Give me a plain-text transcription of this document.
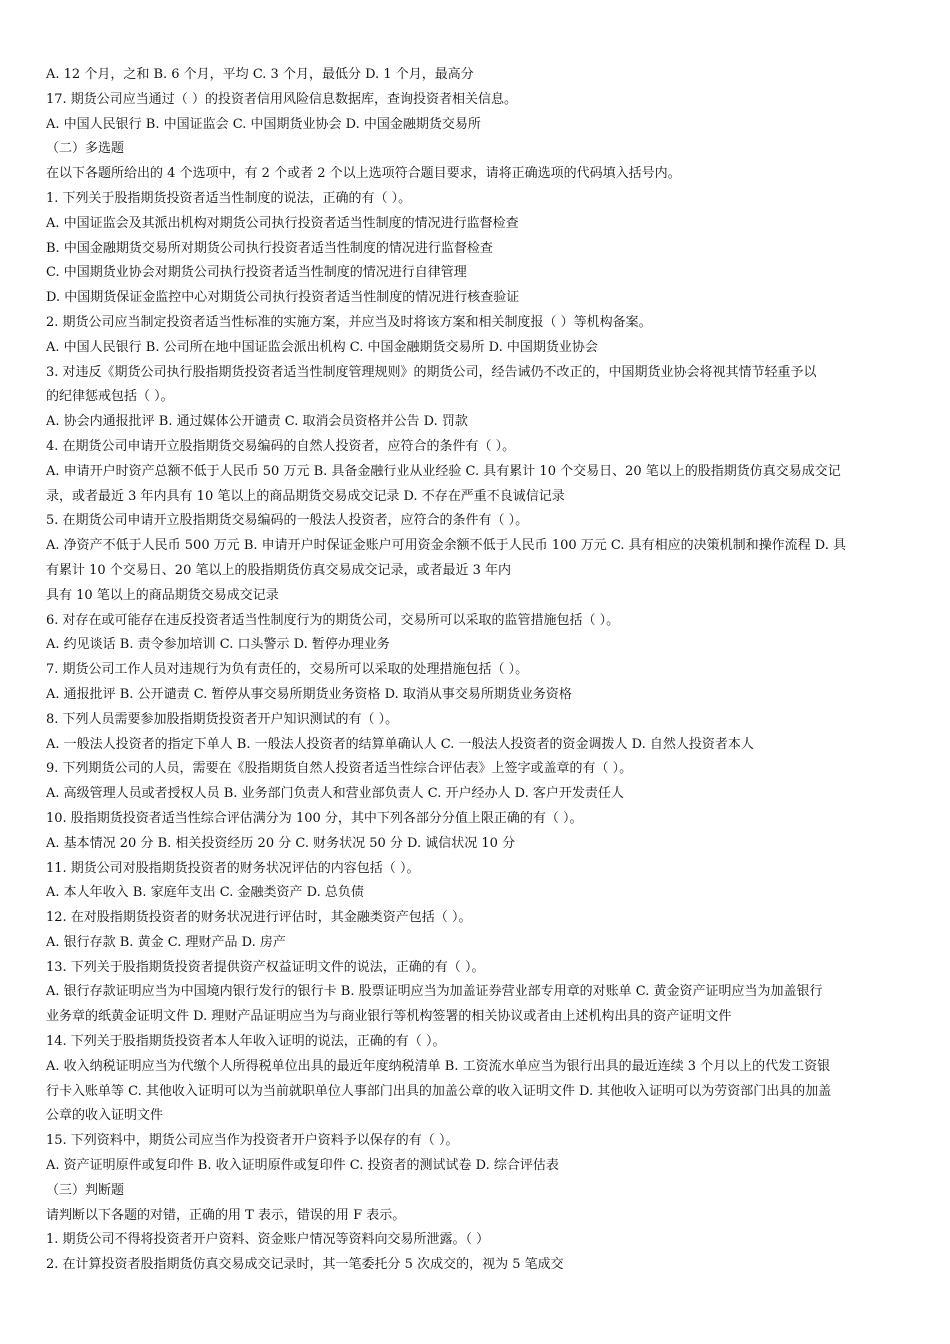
A. 12 个月，之和 B. 6 个月，平均 C. 3 个月，最低分 D. 1 个月，最高分
17. 期货公司应当通过（ ）的投资者信用风险信息数据库，查询投资者相关信息。
A. 中国人民银行 B. 中国证监会 C. 中国期货业协会 D. 中国金融期货交易所
（二）多选题
在以下各题所给出的 4 个选项中，有 2 个或者 2 个以上选项符合题目要求，请将正确选项的代码填入括号内。
1. 下列关于股指期货投资者适当性制度的说法，正确的有（ ）。
A. 中国证监会及其派出机构对期货公司执行投资者适当性制度的情况进行监督检查
B. 中国金融期货交易所对期货公司执行投资者适当性制度的情况进行监督检查
C. 中国期货业协会对期货公司执行投资者适当性制度的情况进行自律管理
D. 中国期货保证金监控中心对期货公司执行投资者适当性制度的情况进行核查验证
2. 期货公司应当制定投资者适当性标准的实施方案，并应当及时将该方案和相关制度报（ ）等机构备案。
A. 中国人民银行 B. 公司所在地中国证监会派出机构 C. 中国金融期货交易所 D. 中国期货业协会
3. 对违反《期货公司执行股指期货投资者适当性制度管理规则》的期货公司，经告诫仍不改正的，中国期货业协会将视其情节轻重予以
的纪律惩戒包括（ ）。
A. 协会内通报批评 B. 通过媒体公开谴责 C. 取消会员资格并公告 D. 罚款
4. 在期货公司申请开立股指期货交易编码的自然人投资者，应符合的条件有（ ）。
A. 申请开户时资产总额不低于人民币 50 万元 B. 具备金融行业从业经验 C. 具有累计 10 个交易日、20 笔以上的股指期货仿真交易成交记
录，或者最近 3 年内具有 10 笔以上的商品期货交易成交记录 D. 不存在严重不良诚信记录
5. 在期货公司申请开立股指期货交易编码的一般法人投资者，应符合的条件有（ ）。
A. 净资产不低于人民币 500 万元 B. 申请开户时保证金账户可用资金余额不低于人民币 100 万元 C. 具有相应的决策机制和操作流程 D. 具
有累计 10 个交易日、20 笔以上的股指期货仿真交易成交记录，或者最近 3 年内
具有 10 笔以上的商品期货交易成交记录
6. 对存在或可能存在违反投资者适当性制度行为的期货公司，交易所可以采取的监管措施包括（ ）。
A. 约见谈话 B. 责令参加培训 C. 口头警示 D. 暂停办理业务
7. 期货公司工作人员对违规行为负有责任的，交易所可以采取的处理措施包括（ ）。
A. 通报批评 B. 公开谴责 C. 暂停从事交易所期货业务资格 D. 取消从事交易所期货业务资格
8. 下列人员需要参加股指期货投资者开户知识测试的有（ ）。
A. 一般法人投资者的指定下单人 B. 一般法人投资者的结算单确认人 C. 一般法人投资者的资金调拨人 D. 自然人投资者本人
9. 下列期货公司的人员，需要在《股指期货自然人投资者适当性综合评估表》上签字或盖章的有（ ）。
A. 高级管理人员或者授权人员 B. 业务部门负责人和营业部负责人 C. 开户经办人 D. 客户开发责任人
10. 股指期货投资者适当性综合评估满分为 100 分，其中下列各部分分值上限正确的有（ ）。
A. 基本情况 20 分 B. 相关投资经历 20 分 C. 财务状况 50 分 D. 诚信状况 10 分
11. 期货公司对股指期货投资者的财务状况评估的内容包括（ ）。
A. 本人年收入 B. 家庭年支出 C. 金融类资产 D. 总负债
12. 在对股指期货投资者的财务状况进行评估时，其金融类资产包括（ ）。
A. 银行存款 B. 黄金 C. 理财产品 D. 房产
13. 下列关于股指期货投资者提供资产权益证明文件的说法，正确的有（ ）。
A. 银行存款证明应当为中国境内银行发行的银行卡 B. 股票证明应当为加盖证券营业部专用章的对账单 C. 黄金资产证明应当为加盖银行
业务章的纸黄金证明文件 D. 理财产品证明应当为与商业银行等机构签署的相关协议或者由上述机构出具的资产证明文件
14. 下列关于股指期货投资者本人年收入证明的说法，正确的有（ ）。
A. 收入纳税证明应当为代缴个人所得税单位出具的最近年度纳税清单 B. 工资流水单应当为银行出具的最近连续 3 个月以上的代发工资银
行卡入账单等 C. 其他收入证明可以为当前就职单位人事部门出具的加盖公章的收入证明文件 D. 其他收入证明可以为劳资部门出具的加盖
公章的收入证明文件
15. 下列资料中，期货公司应当作为投资者开户资料予以保存的有（ ）。
A. 资产证明原件或复印件 B. 收入证明原件或复印件 C. 投资者的测试试卷 D. 综合评估表
（三）判断题
请判断以下各题的对错，正确的用 T 表示，错误的用 F 表示。
1. 期货公司不得将投资者开户资料、资金账户情况等资料向交易所泄露。（ ）
2. 在计算投资者股指期货仿真交易成交记录时，其一笔委托分 5 次成交的，视为 5 笔成交
